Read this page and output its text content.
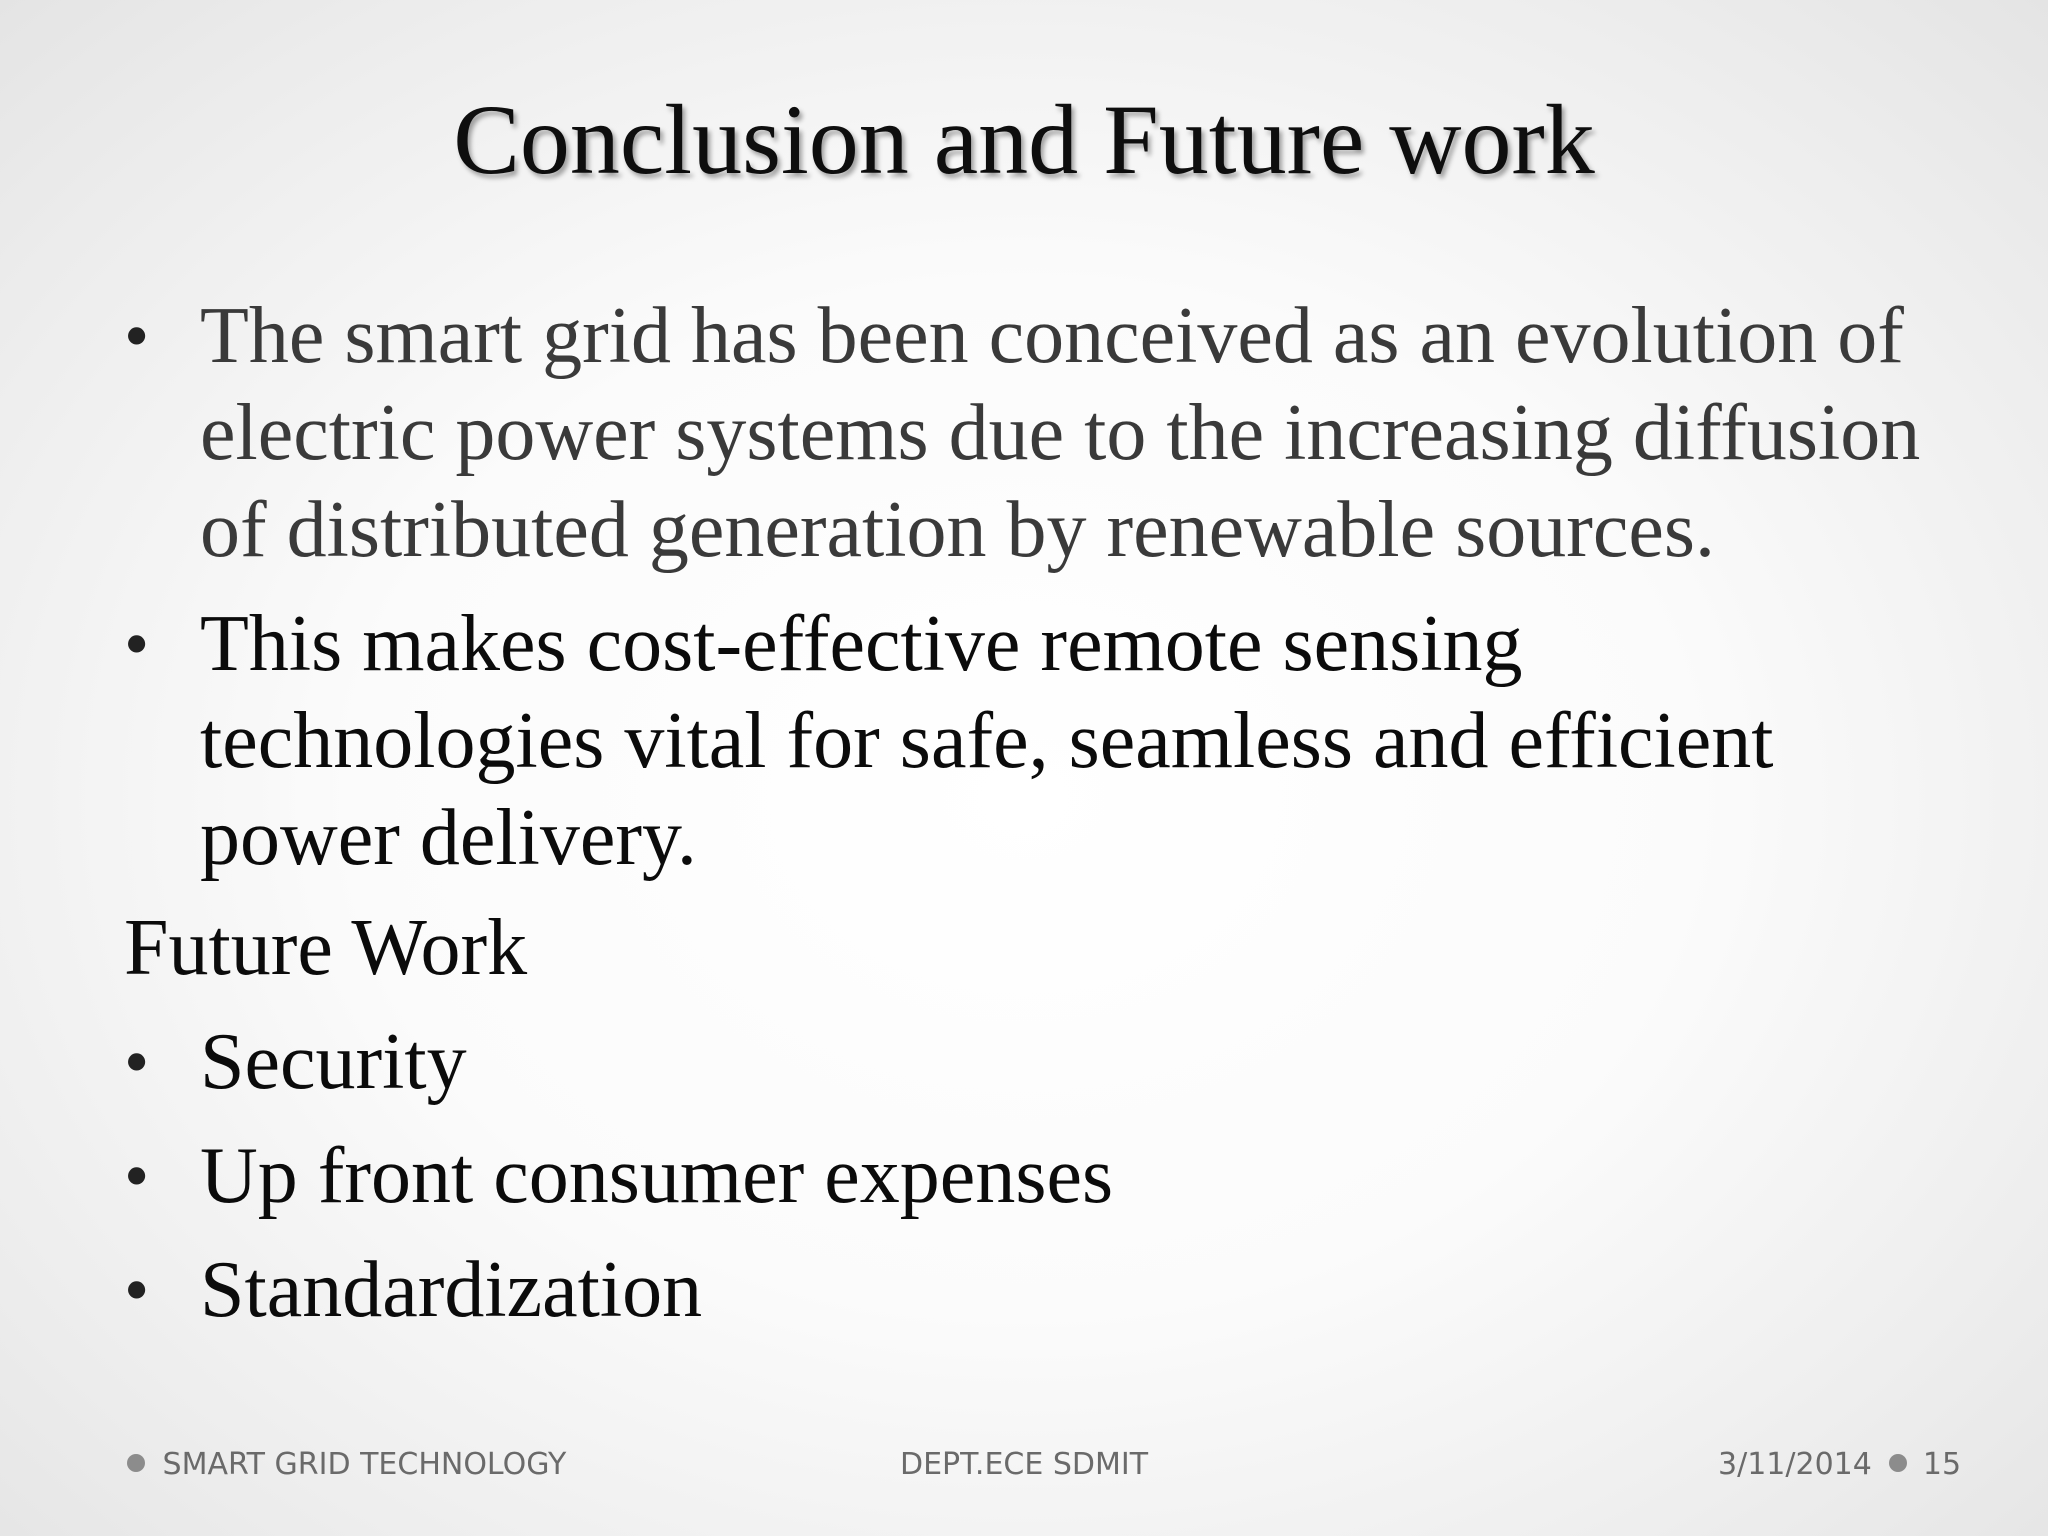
Conclusion and Future work
• The smart grid has been conceived as an evolution of
electric power systems due to the increasing diffusion
of distributed generation by renewable sources.
• This makes cost-effective remote sensing
technologies vital for safe, seamless and efficient
power delivery.
Future Work
• Security
• Up front consumer expenses
• Standardization
SMART GRID TECHNOLOGY	DEPT.ECE SDMIT	3/11/2014 15
